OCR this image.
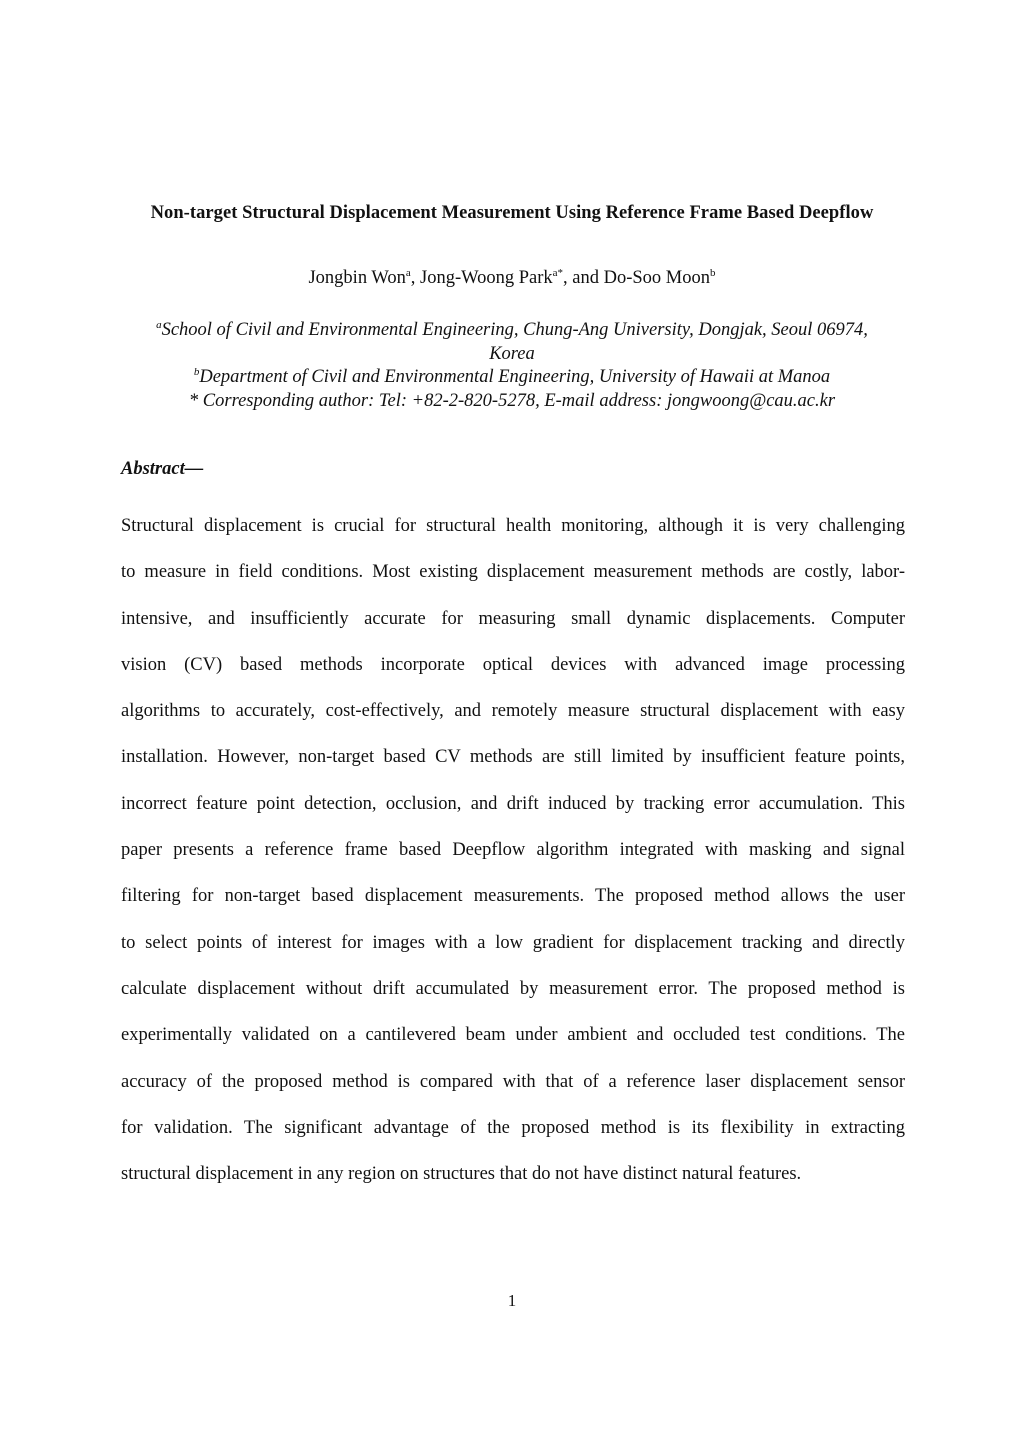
Non-target Structural Displacement Measurement Using Reference Frame Based Deepflow
Jongbin Won$^a$, Jong-Woong Park$^{a*}$, and Do-Soo Moon$^b$
$^a$School of Civil and Environmental Engineering, Chung-Ang University, Dongjak, Seoul 06974,
Korea
$^b$Department of Civil and Environmental Engineering, University of Hawaii at Manoa
* Corresponding author: Tel: +82-2-820-5278, E-mail address: jongwoong@cau.ac.kr
Abstract—
Structural displacement is crucial for structural health monitoring, although it is very challenging
to measure in field conditions. Most existing displacement measurement methods are costly, labor-
intensive, and insufficiently accurate for measuring small dynamic displacements. Computer
vision (CV) based methods incorporate optical devices with advanced image processing
algorithms to accurately, cost-effectively, and remotely measure structural displacement with easy
installation. However, non-target based CV methods are still limited by insufficient feature points,
incorrect feature point detection, occlusion, and drift induced by tracking error accumulation. This
paper presents a reference frame based Deepflow algorithm integrated with masking and signal
filtering for non-target based displacement measurements. The proposed method allows the user
to select points of interest for images with a low gradient for displacement tracking and directly
calculate displacement without drift accumulated by measurement error. The proposed method is
experimentally validated on a cantilevered beam under ambient and occluded test conditions. The
accuracy of the proposed method is compared with that of a reference laser displacement sensor
for validation. The significant advantage of the proposed method is its flexibility in extracting
structural displacement in any region on structures that do not have distinct natural features.
1
